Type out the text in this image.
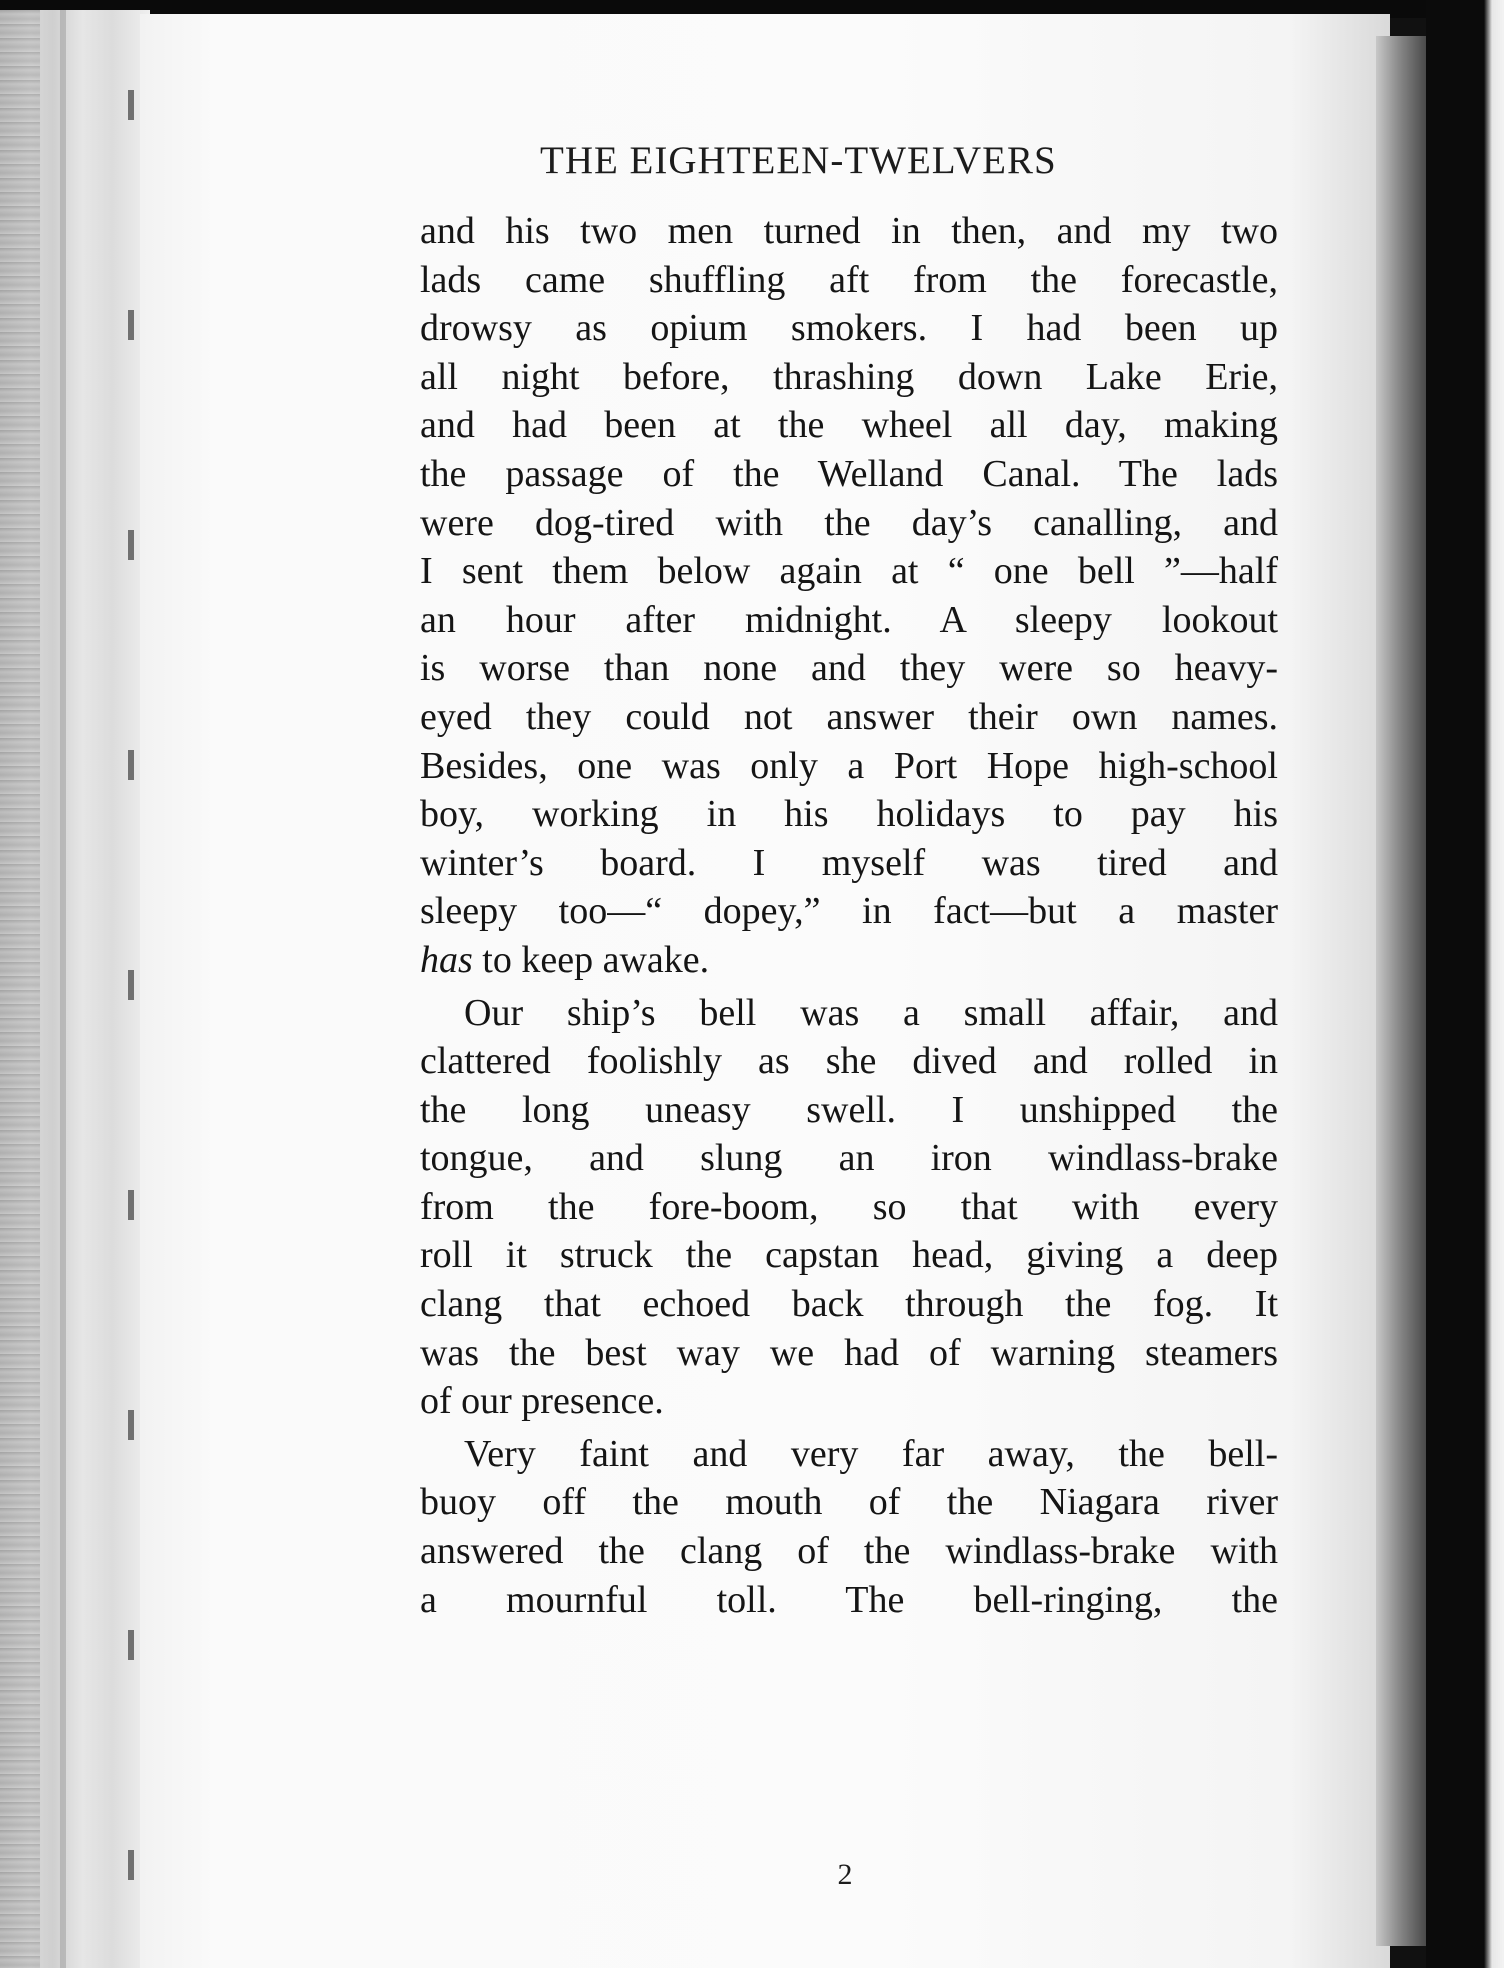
THE EIGHTEEN-TWELVERS
and his two men turned in then, and my two
lads came shuffling aft from the forecastle,
drowsy as opium smokers. I had been up
all night before, thrashing down Lake Erie,
and had been at the wheel all day, making
the passage of the Welland Canal. The lads
were dog-tired with the day’s canalling, and
I sent them below again at “ one bell ”—half
an hour after midnight. A sleepy lookout
is worse than none and they were so heavy-
eyed they could not answer their own names.
Besides, one was only a Port Hope high-school
boy, working in his holidays to pay his
winter’s board. I myself was tired and
sleepy too—“ dopey,” in fact—but a master
has to keep awake.
Our ship’s bell was a small affair, and
clattered foolishly as she dived and rolled in
the long uneasy swell. I unshipped the
tongue, and slung an iron windlass-brake
from the fore-boom, so that with every
roll it struck the capstan head, giving a deep
clang that echoed back through the fog. It
was the best way we had of warning steamers
of our presence.
Very faint and very far away, the bell-
buoy off the mouth of the Niagara river
answered the clang of the windlass-brake with
a mournful toll. The bell-ringing, the
2
